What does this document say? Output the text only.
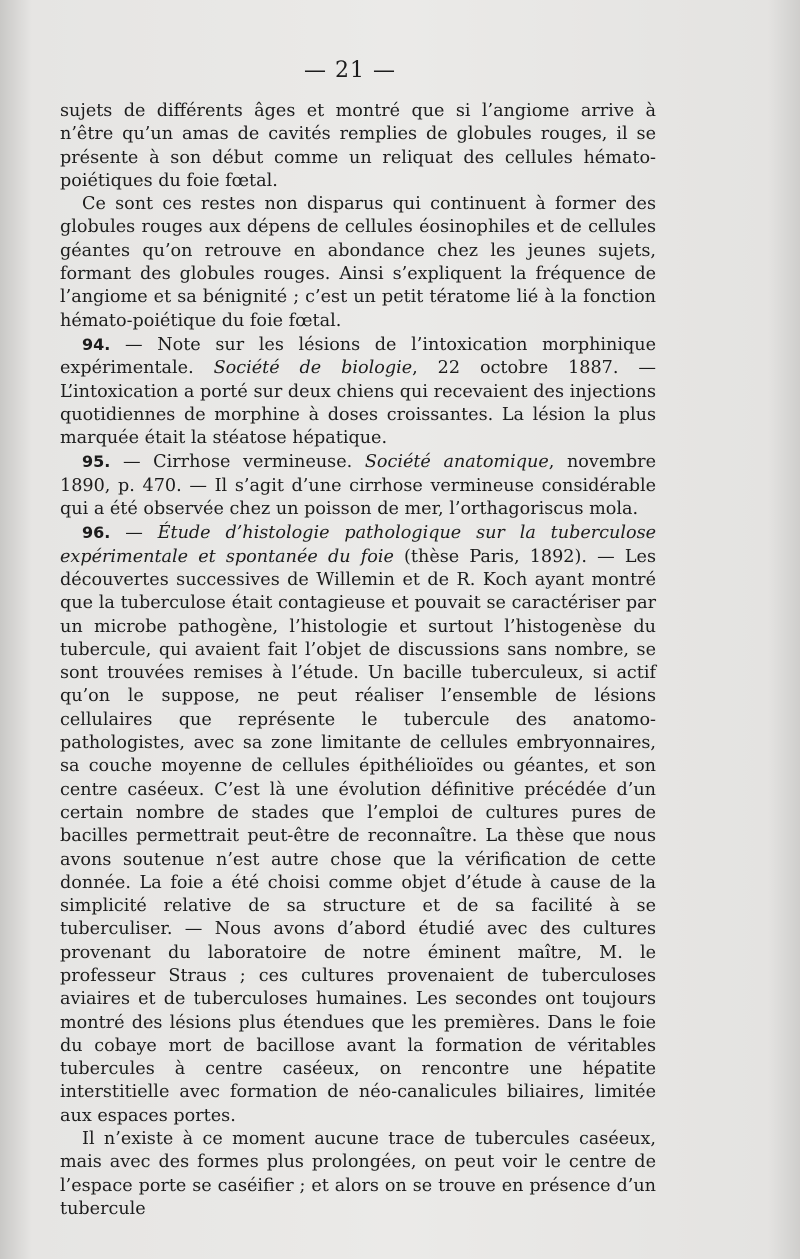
— 21 —

sujets de différents âges et montré que si l’angiome arrive à n’être qu’un amas de cavités remplies de globules rouges, il se présente à son début comme un reliquat des cellules hémato-poiétiques du foie fœtal.

Ce sont ces restes non disparus qui continuent à former des globules rouges aux dépens de cellules éosinophiles et de cellules géantes qu’on retrouve en abondance chez les jeunes sujets, formant des globules rouges. Ainsi s’expliquent la fréquence de l’angiome et sa bénignité ; c’est un petit tératome lié à la fonction hémato-poiétique du foie fœtal.

94. — Note sur les lésions de l’intoxication morphinique expérimentale. Société de biologie, 22 octobre 1887. — L’intoxication a porté sur deux chiens qui recevaient des injections quotidiennes de morphine à doses croissantes. La lésion la plus marquée était la stéatose hépatique.

95. — Cirrhose vermineuse. Société anatomique, novembre 1890, p. 470. — Il s’agit d’une cirrhose vermineuse considérable qui a été observée chez un poisson de mer, l’orthagoriscus mola.

96. — Étude d’histologie pathologique sur la tuberculose expérimentale et spontanée du foie (thèse Paris, 1892). — Les découvertes successives de Willemin et de R. Koch ayant montré que la tuberculose était contagieuse et pouvait se caractériser par un microbe pathogène, l’histologie et surtout l’histogenèse du tubercule, qui avaient fait l’objet de discussions sans nombre, se sont trouvées remises à l’étude. Un bacille tuberculeux, si actif qu’on le suppose, ne peut réaliser l’ensemble de lésions cellulaires que représente le tubercule des anatomo-pathologistes, avec sa zone limitante de cellules embryonnaires, sa couche moyenne de cellules épithélioïdes ou géantes, et son centre caséeux. C’est là une évolution définitive précédée d’un certain nombre de stades que l’emploi de cultures pures de bacilles permettrait peut-être de reconnaître. La thèse que nous avons soutenue n’est autre chose que la vérification de cette donnée. La foie a été choisi comme objet d’étude à cause de la simplicité relative de sa structure et de sa facilité à se tuberculiser. — Nous avons d’abord étudié avec des cultures provenant du laboratoire de notre éminent maître, M. le professeur Straus ; ces cultures provenaient de tuberculoses aviaires et de tuberculoses humaines. Les secondes ont toujours montré des lésions plus étendues que les premières. Dans le foie du cobaye mort de bacillose avant la formation de véritables tubercules à centre caséeux, on rencontre une hépatite interstitielle avec formation de néo-canalicules biliaires, limitée aux espaces portes.

Il n’existe à ce moment aucune trace de tubercules caséeux, mais avec des formes plus prolongées, on peut voir le centre de l’espace porte se caséifier ; et alors on se trouve en présence d’un tubercule
